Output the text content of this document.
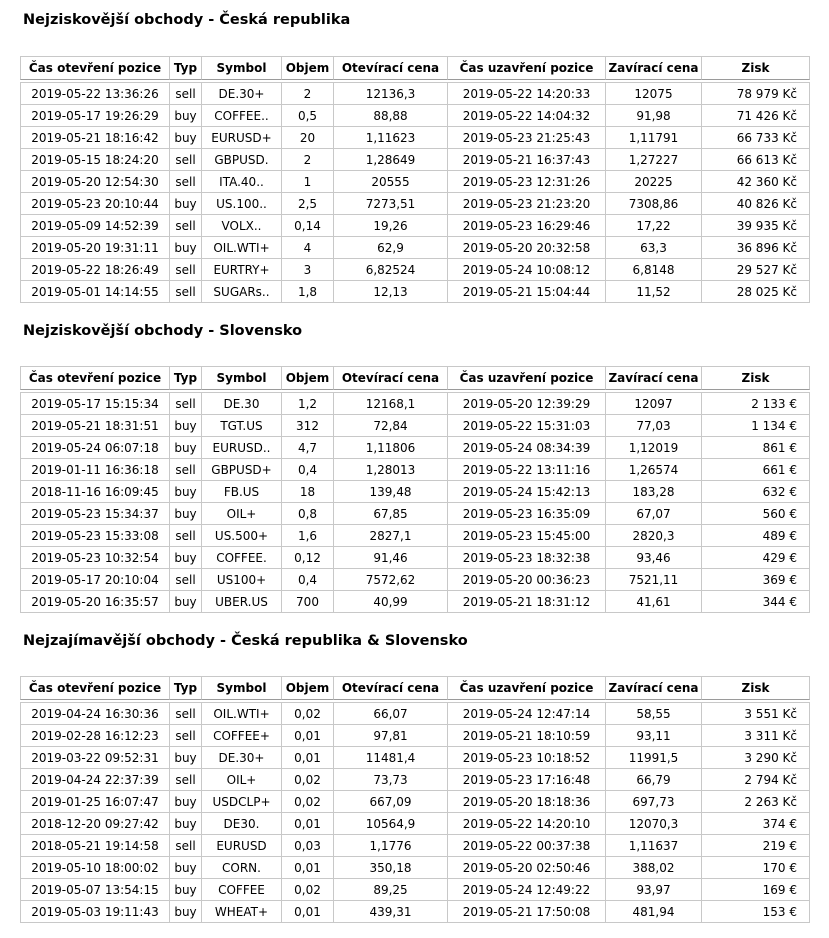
Nejziskovější obchody - Česká republika
Čas otevření pozice	Typ	Symbol	Objem	Otevírací cena	Čas uzavření pozice	Zavírací cena	Zisk

2019-05-22 13:36:26	sell	DE.30+	2	12136,3	2019-05-22 14:20:33	12075	78 979 Kč
2019-05-17 19:26:29	buy	COFFEE..	0,5	88,88	2019-05-22 14:04:32	91,98	71 426 Kč
2019-05-21 18:16:42	buy	EURUSD+	20	1,11623	2019-05-23 21:25:43	1,11791	66 733 Kč
2019-05-15 18:24:20	sell	GBPUSD.	2	1,28649	2019-05-21 16:37:43	1,27227	66 613 Kč
2019-05-20 12:54:30	sell	ITA.40..	1	20555	2019-05-23 12:31:26	20225	42 360 Kč
2019-05-23 20:10:44	buy	US.100..	2,5	7273,51	2019-05-23 21:23:20	7308,86	40 826 Kč
2019-05-09 14:52:39	sell	VOLX..	0,14	19,26	2019-05-23 16:29:46	17,22	39 935 Kč
2019-05-20 19:31:11	buy	OIL.WTI+	4	62,9	2019-05-20 20:32:58	63,3	36 896 Kč
2019-05-22 18:26:49	sell	EURTRY+	3	6,82524	2019-05-24 10:08:12	6,8148	29 527 Kč
2019-05-01 14:14:55	sell	SUGARs..	1,8	12,13	2019-05-21 15:04:44	11,52	28 025 Kč
Nejziskovější obchody - Slovensko
Čas otevření pozice	Typ	Symbol	Objem	Otevírací cena	Čas uzavření pozice	Zavírací cena	Zisk

2019-05-17 15:15:34	sell	DE.30	1,2	12168,1	2019-05-20 12:39:29	12097	2 133 €
2019-05-21 18:31:51	buy	TGT.US	312	72,84	2019-05-22 15:31:03	77,03	1 134 €
2019-05-24 06:07:18	buy	EURUSD..	4,7	1,11806	2019-05-24 08:34:39	1,12019	861 €
2019-01-11 16:36:18	sell	GBPUSD+	0,4	1,28013	2019-05-22 13:11:16	1,26574	661 €
2018-11-16 16:09:45	buy	FB.US	18	139,48	2019-05-24 15:42:13	183,28	632 €
2019-05-23 15:34:37	buy	OIL+	0,8	67,85	2019-05-23 16:35:09	67,07	560 €
2019-05-23 15:33:08	sell	US.500+	1,6	2827,1	2019-05-23 15:45:00	2820,3	489 €
2019-05-23 10:32:54	buy	COFFEE.	0,12	91,46	2019-05-23 18:32:38	93,46	429 €
2019-05-17 20:10:04	sell	US100+	0,4	7572,62	2019-05-20 00:36:23	7521,11	369 €
2019-05-20 16:35:57	buy	UBER.US	700	40,99	2019-05-21 18:31:12	41,61	344 €
Nejzajímavější obchody - Česká republika & Slovensko
Čas otevření pozice	Typ	Symbol	Objem	Otevírací cena	Čas uzavření pozice	Zavírací cena	Zisk

2019-04-24 16:30:36	sell	OIL.WTI+	0,02	66,07	2019-05-24 12:47:14	58,55	3 551 Kč
2019-02-28 16:12:23	sell	COFFEE+	0,01	97,81	2019-05-21 18:10:59	93,11	3 311 Kč
2019-03-22 09:52:31	buy	DE.30+	0,01	11481,4	2019-05-23 10:18:52	11991,5	3 290 Kč
2019-04-24 22:37:39	sell	OIL+	0,02	73,73	2019-05-23 17:16:48	66,79	2 794 Kč
2019-01-25 16:07:47	buy	USDCLP+	0,02	667,09	2019-05-20 18:18:36	697,73	2 263 Kč
2018-12-20 09:27:42	buy	DE30.	0,01	10564,9	2019-05-22 14:20:10	12070,3	374 €
2018-05-21 19:14:58	sell	EURUSD	0,03	1,1776	2019-05-22 00:37:38	1,11637	219 €
2019-05-10 18:00:02	buy	CORN.	0,01	350,18	2019-05-20 02:50:46	388,02	170 €
2019-05-07 13:54:15	buy	COFFEE	0,02	89,25	2019-05-24 12:49:22	93,97	169 €
2019-05-03 19:11:43	buy	WHEAT+	0,01	439,31	2019-05-21 17:50:08	481,94	153 €
